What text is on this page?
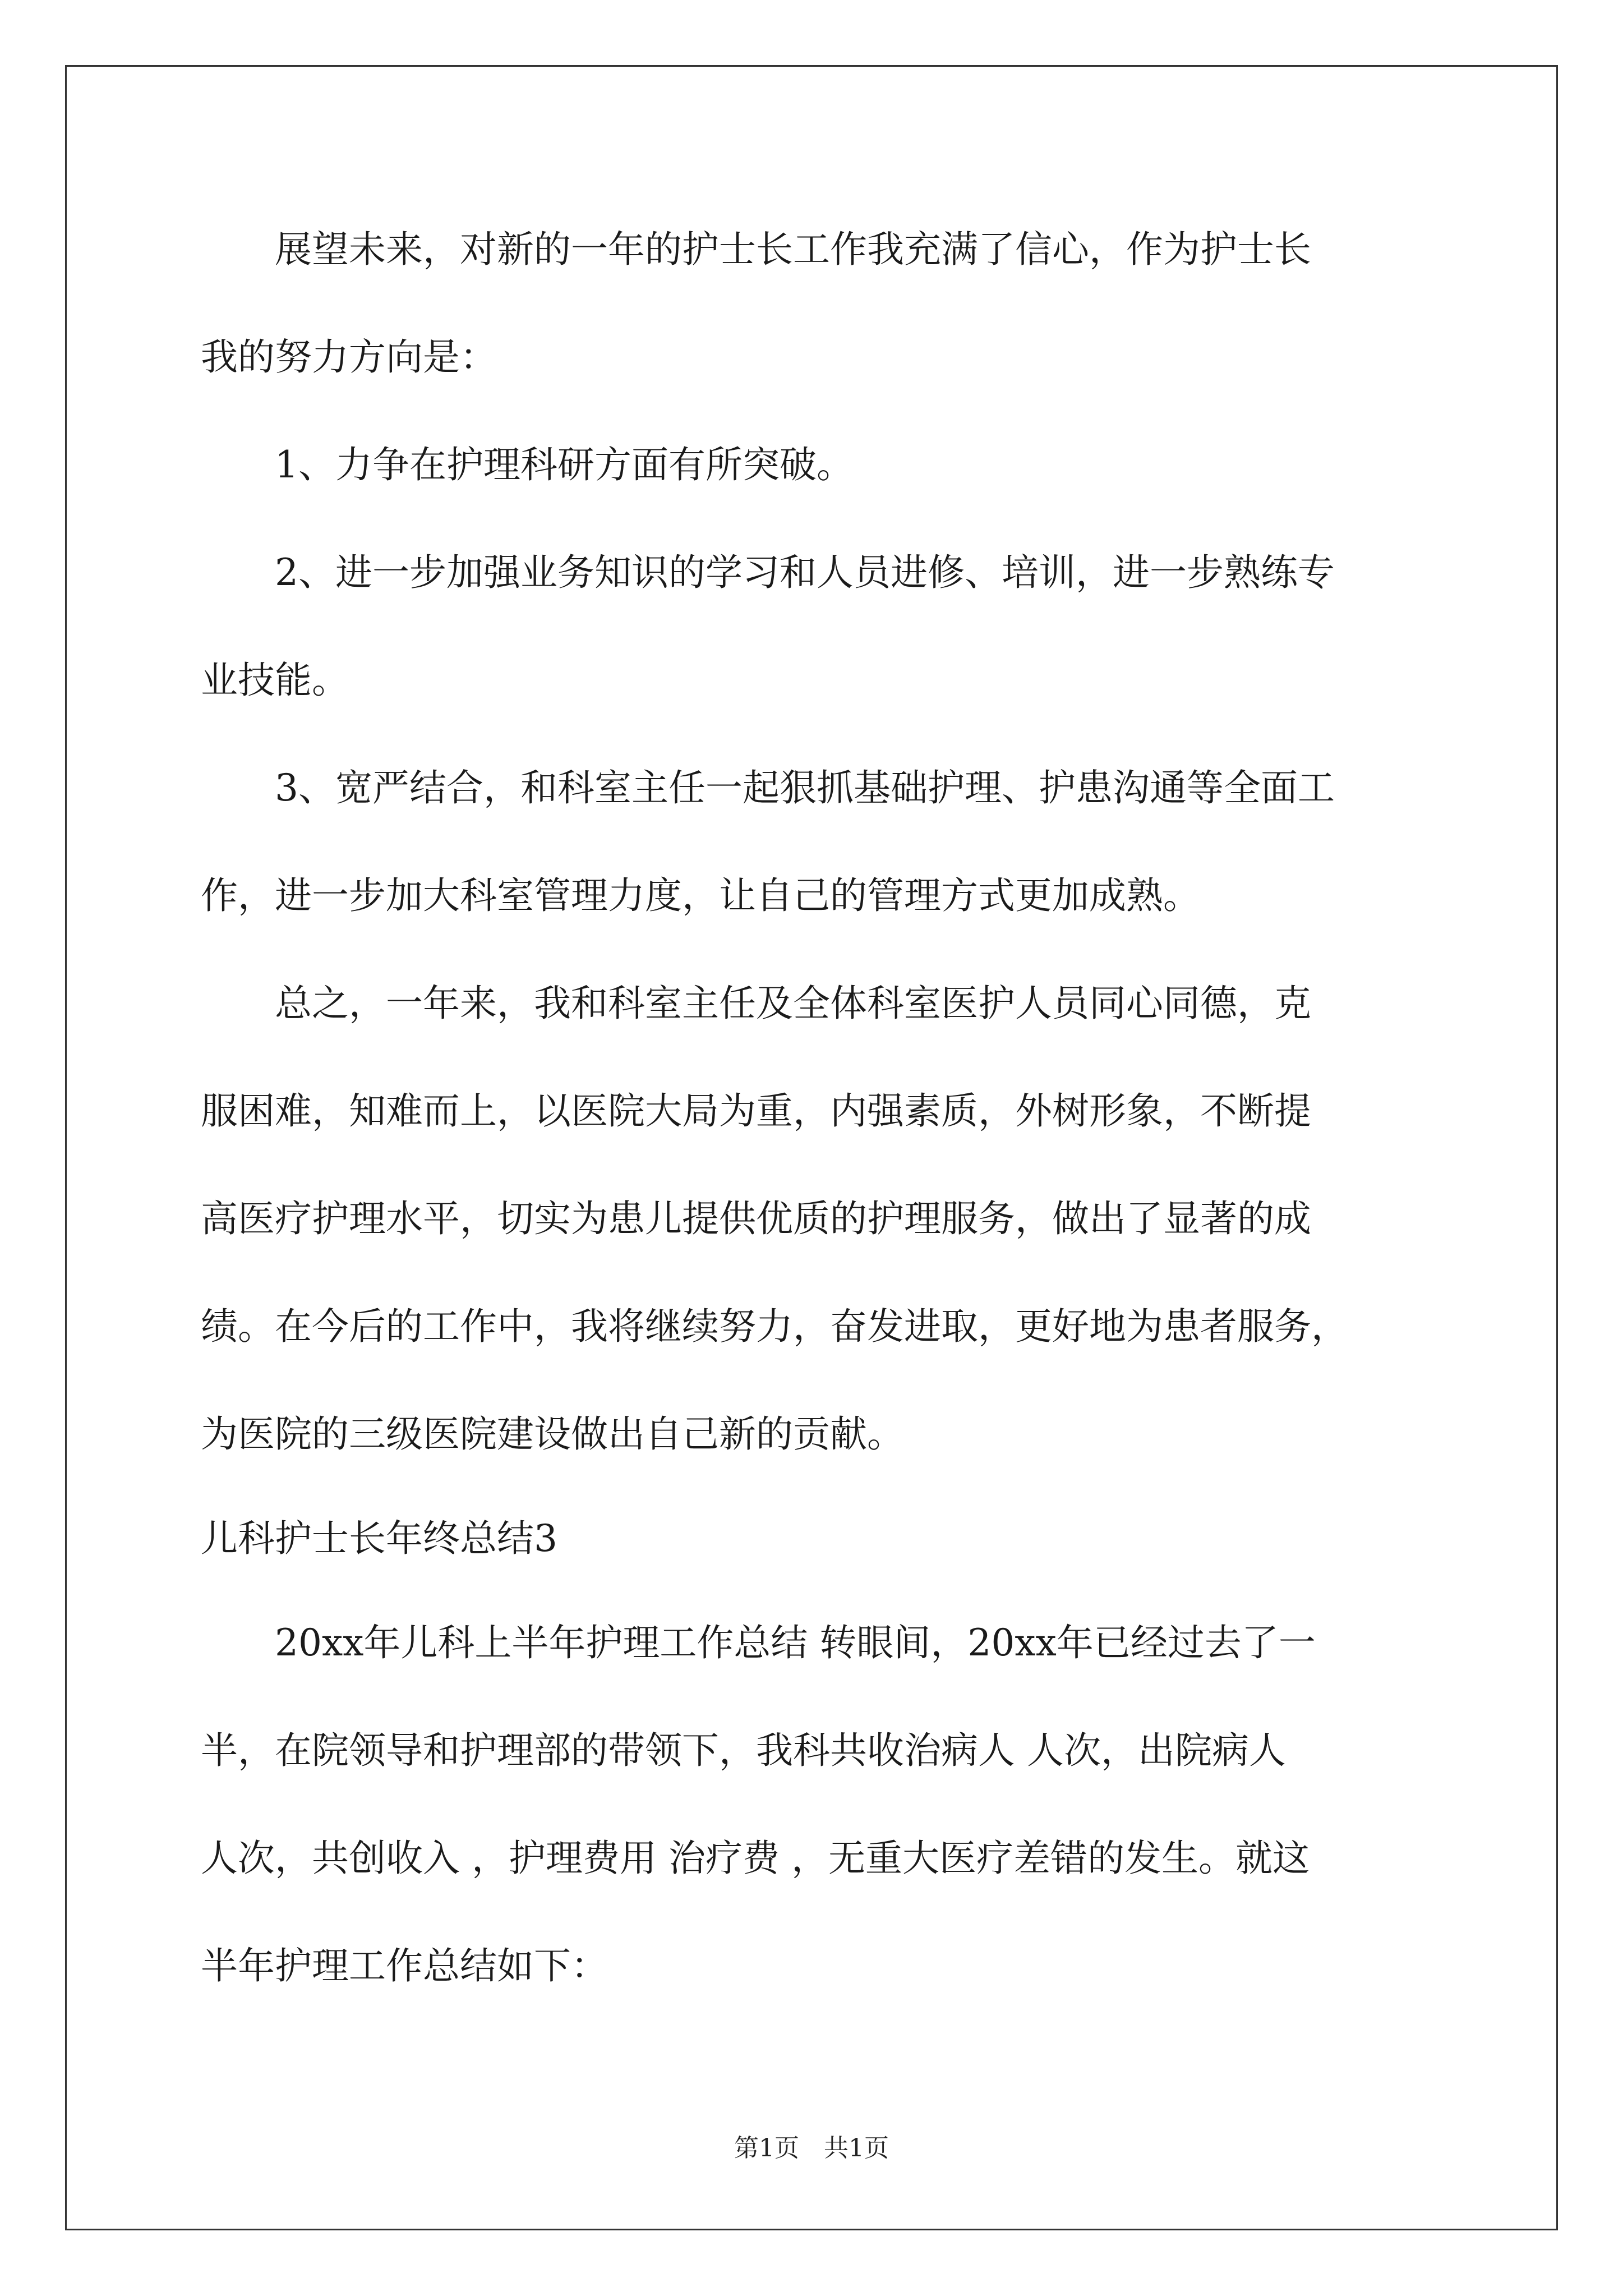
展望未来，对新的一年的护士长工作我充满了信心，作为护士长
我的努力方向是：
1、力争在护理科研方面有所突破。
2、进一步加强业务知识的学习和人员进修、培训，进一步熟练专
业技能。
3、宽严结合，和科室主任一起狠抓基础护理、护患沟通等全面工
作，进一步加大科室管理力度，让自己的管理方式更加成熟。
总之，一年来，我和科室主任及全体科室医护人员同心同德，克
服困难，知难而上，以医院大局为重，内强素质，外树形象，不断提
高医疗护理水平，切实为患儿提供优质的护理服务，做出了显著的成
绩。在今后的工作中，我将继续努力，奋发进取，更好地为患者服务，
为医院的三级医院建设做出自己新的贡献。
儿科护士长年终总结3
20xx年儿科上半年护理工作总结 转眼间，20xx年已经过去了一
半，在院领导和护理部的带领下，我科共收治病人 人次，出院病人
人次，共创收入 ，护理费用 治疗费 ，无重大医疗差错的发生。就这
半年护理工作总结如下：
第1页　共1页
